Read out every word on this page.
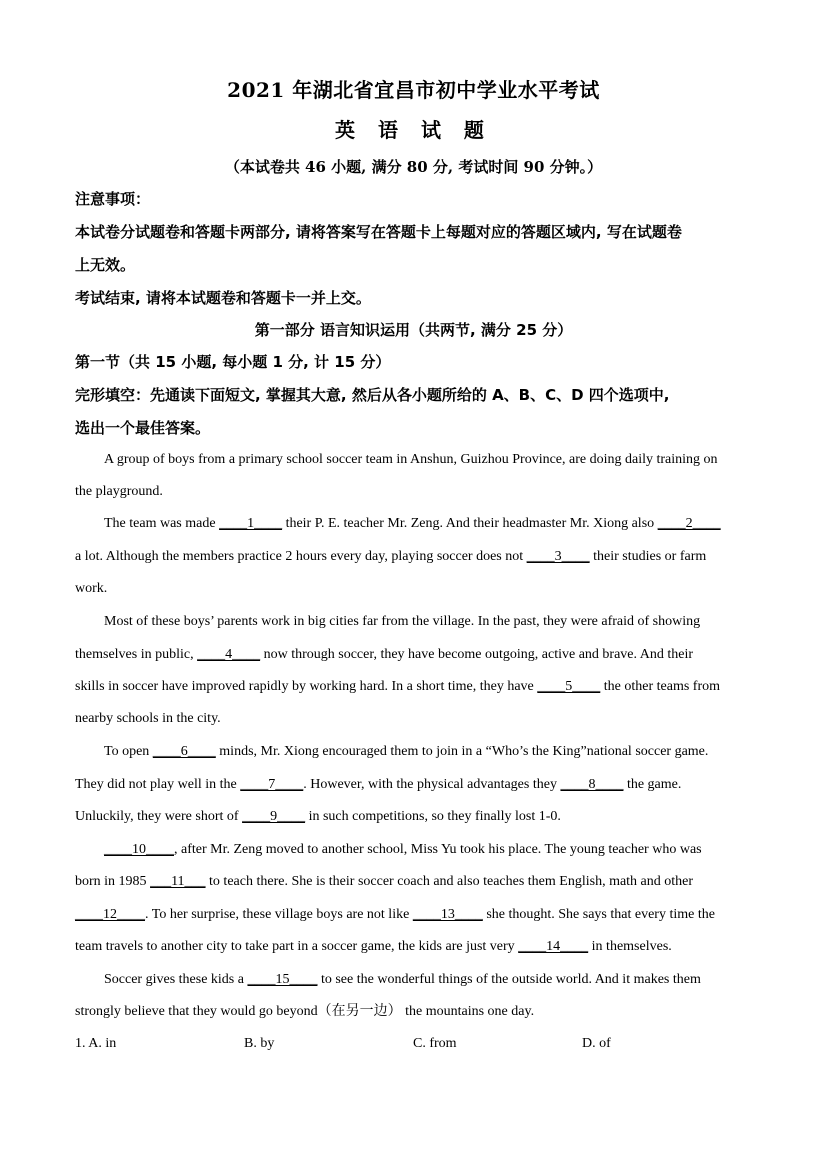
2021 年湖北省宜昌市初中学业水平考试
英 语 试 题
（本试卷共 46 小题, 满分 80 分, 考试时间 90 分钟。）
注意事项：
本试卷分试题卷和答题卡两部分, 请将答案写在答题卡上每题对应的答题区域内, 写在试题卷
上无效。
考试结束, 请将本试题卷和答题卡一并上交。
第一部分 语言知识运用（共两节, 满分 25 分）
第一节（共 15 小题, 每小题 1 分, 计 15 分）
完形填空：先通读下面短文, 掌握其大意, 然后从各小题所给的 A、B、C、D 四个选项中,
选出一个最佳答案。
A group of boys from a primary school soccer team in Anshun, Guizhou Province, are doing daily training on
the playground.
The team was made ____1____ their P. E. teacher Mr. Zeng. And their headmaster Mr. Xiong also ____2____
a lot. Although the members practice 2 hours every day, playing soccer does not ____3____ their studies or farm
work.
Most of these boys’ parents work in big cities far from the village. In the past, they were afraid of showing
themselves in public, ____4____ now through soccer, they have become outgoing, active and brave. And their
skills in soccer have improved rapidly by working hard. In a short time, they have ____5____ the other teams from
nearby schools in the city.
To open ____6____ minds, Mr. Xiong encouraged them to join in a “Who’s the King”national soccer game.
They did not play well in the ____7____. However, with the physical advantages they ____8____ the game.
Unluckily, they were short of ____9____ in such competitions, so they finally lost 1-0.
____10____, after Mr. Zeng moved to another school, Miss Yu took his place. The young teacher who was
born in 1985 ___11___ to teach there. She is their soccer coach and also teaches them English, math and other
____12____. To her surprise, these village boys are not like ____13____ she thought. She says that every time the
team travels to another city to take part in a soccer game, the kids are just very ____14____ in themselves.
Soccer gives these kids a ____15____ to see the wonderful things of the outside world. And it makes them
strongly believe that they would go beyond（在另一边） the mountains one day.
1. A. in	B. by	C. from	D. of
